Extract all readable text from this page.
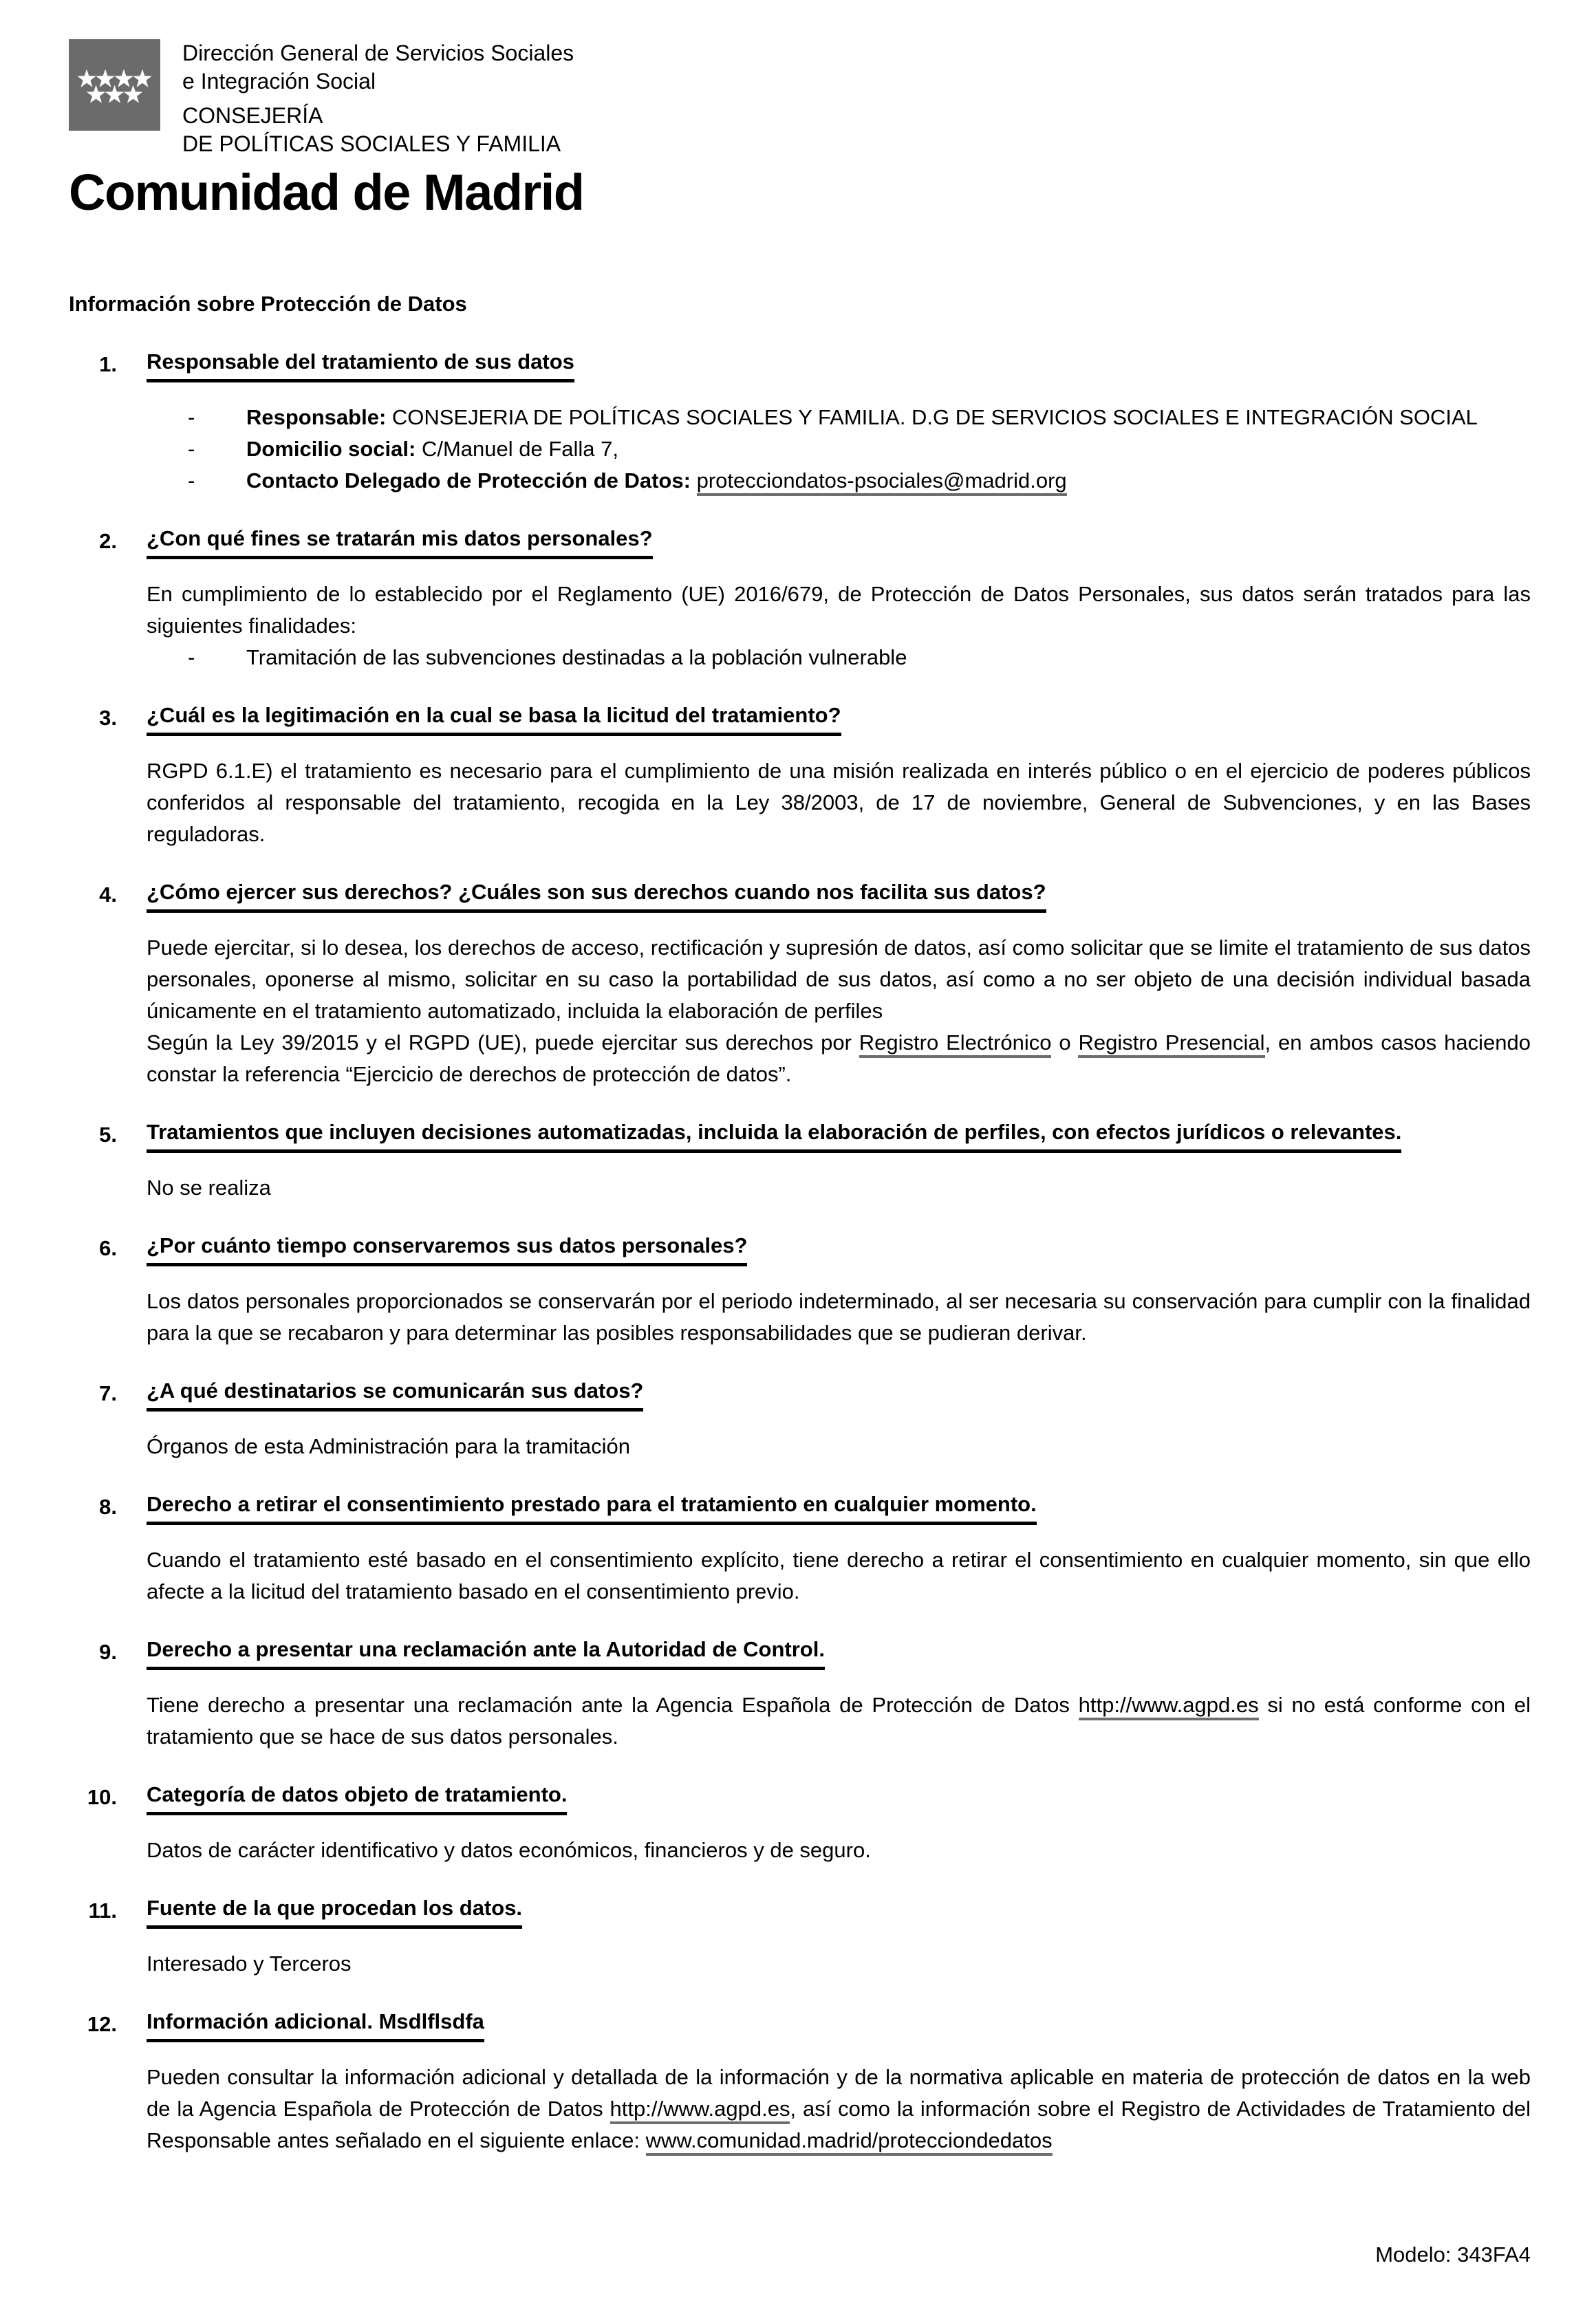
Dirección General de Servicios Sociales
e Integración Social
CONSEJERÍA
DE POLÍTICAS SOCIALES Y FAMILIA
Comunidad de Madrid
Información sobre Protección de Datos
1.	Responsable del tratamiento de sus datos
-	Responsable: CONSEJERIA DE POLÍTICAS SOCIALES Y FAMILIA. D.G DE SERVICIOS SOCIALES E INTEGRACIÓN SOCIAL
-	Domicilio social: C/Manuel de Falla 7,
-	Contacto Delegado de Protección de Datos: protecciondatos-psociales@madrid.org
2.	¿Con qué fines se tratarán mis datos personales?
En cumplimiento de lo establecido por el Reglamento (UE) 2016/679, de Protección de Datos Personales, sus datos serán tratados para las siguientes finalidades:
-	Tramitación de las subvenciones destinadas a la población vulnerable
3.	¿Cuál es la legitimación en la cual se basa la licitud del tratamiento?
RGPD 6.1.E) el tratamiento es necesario para el cumplimiento de una misión realizada en interés público o en el ejercicio de poderes públicos conferidos al responsable del tratamiento, recogida en la Ley 38/2003, de 17 de noviembre, General de Subvenciones, y en las Bases reguladoras.
4.	¿Cómo ejercer sus derechos? ¿Cuáles son sus derechos cuando nos facilita sus datos?
Puede ejercitar, si lo desea, los derechos de acceso, rectificación y supresión de datos, así como solicitar que se limite el tratamiento de sus datos personales, oponerse al mismo, solicitar en su caso la portabilidad de sus datos, así como a no ser objeto de una decisión individual basada únicamente en el tratamiento automatizado, incluida la elaboración de perfiles
Según la Ley 39/2015 y el RGPD (UE), puede ejercitar sus derechos por Registro Electrónico o Registro Presencial, en ambos casos haciendo constar la referencia “Ejercicio de derechos de protección de datos”.
5.	Tratamientos que incluyen decisiones automatizadas, incluida la elaboración de perfiles, con efectos jurídicos o relevantes.
No se realiza
6.	¿Por cuánto tiempo conservaremos sus datos personales?
Los datos personales proporcionados se conservarán por el periodo indeterminado, al ser necesaria su conservación para cumplir con la finalidad para la que se recabaron y para determinar las posibles responsabilidades que se pudieran derivar.
7.	¿A qué destinatarios se comunicarán sus datos?
Órganos de esta Administración para la tramitación
8.	Derecho a retirar el consentimiento prestado para el tratamiento en cualquier momento.
Cuando el tratamiento esté basado en el consentimiento explícito, tiene derecho a retirar el consentimiento en cualquier momento, sin que ello afecte a la licitud del tratamiento basado en el consentimiento previo.
9.	Derecho a presentar una reclamación ante la Autoridad de Control.
Tiene derecho a presentar una reclamación ante la Agencia Española de Protección de Datos http://www.agpd.es si no está conforme con el tratamiento que se hace de sus datos personales.
10.	Categoría de datos objeto de tratamiento.
Datos de carácter identificativo y datos económicos, financieros y de seguro.
11.	Fuente de la que procedan los datos.
Interesado y Terceros
12.	Información adicional. Msdlflsdfa
Pueden consultar la información adicional y detallada de la información y de la normativa aplicable en materia de protección de datos en la web de la Agencia Española de Protección de Datos http://www.agpd.es, así como la información sobre el Registro de Actividades de Tratamiento del Responsable antes señalado en el siguiente enlace: www.comunidad.madrid/protecciondedatos
Modelo: 343FA4
